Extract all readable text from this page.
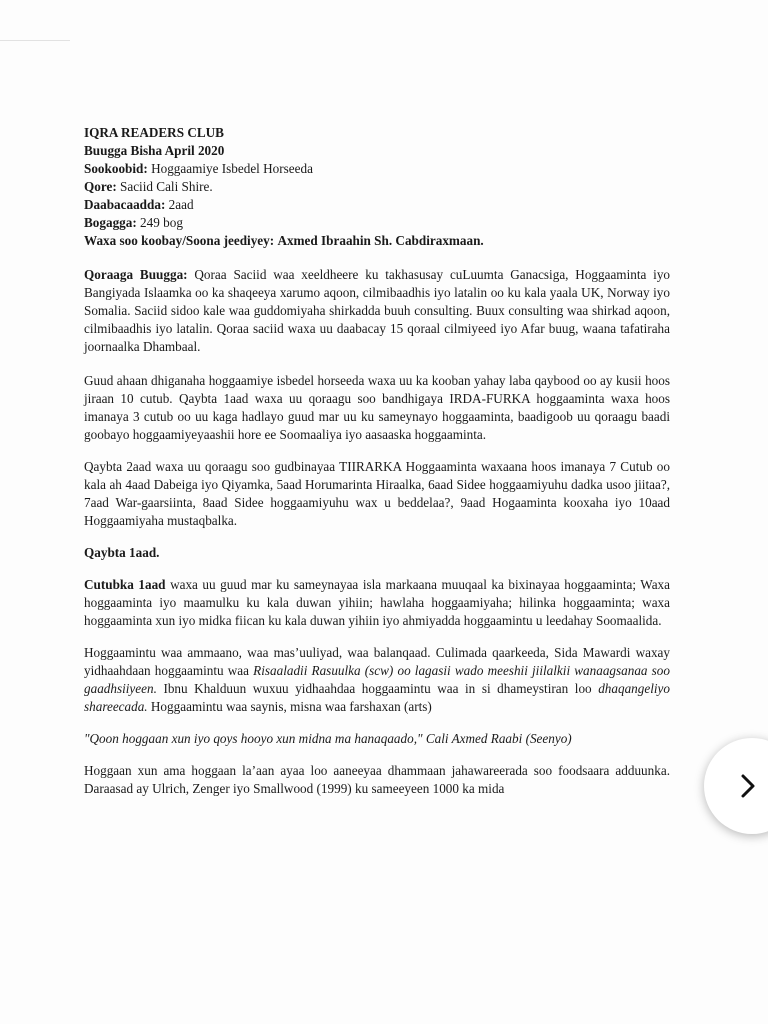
IQRA READERS CLUB

Buugga Bisha April 2020

Sookoobid: Hoggaamiye Isbedel Horseeda

Qore: Saciid Cali Shire.

Daabacaadda: 2aad

Bogagga: 249 bog

Waxa soo koobay/Soona jeediyey: Axmed Ibraahin Sh. Cabdiraxmaan.

Qoraaga Buugga: Qoraa Saciid waa xeeldheere ku takhasusay cuLuumta Ganacsiga, Hoggaaminta iyo Bangiyada Islaamka oo ka shaqeeya xarumo aqoon, cilmibaadhis iyo latalin oo ku kala yaala UK, Norway iyo Somalia. Saciid sidoo kale waa guddomiyaha shirkadda buuh consulting. Buux consulting waa shirkad aqoon, cilmibaadhis iyo latalin. Qoraa saciid waxa uu daabacay 15 qoraal cilmiyeed iyo Afar buug, waana tafatiraha joornaalka Dhambaal.

Guud ahaan dhiganaha hoggaamiye isbedel horseeda waxa uu ka kooban yahay laba qaybood oo ay kusii hoos jiraan 10 cutub. Qaybta 1aad waxa uu qoraagu soo bandhigaya IRDA-FURKA hoggaaminta waxa hoos imanaya 3 cutub oo uu kaga hadlayo guud mar uu ku sameynayo hoggaaminta, baadigoob uu qoraagu baadi goobayo hoggaamiyeyaashii hore ee Soomaaliya iyo aasaaska hoggaaminta.

Qaybta 2aad waxa uu qoraagu soo gudbinayaa TIIRARKA Hoggaaminta waxaana hoos imanaya 7 Cutub oo kala ah 4aad Dabeiga iyo Qiyamka, 5aad Horumarinta Hiraalka, 6aad Sidee hoggaamiyuhu dadka usoo jiitaa?, 7aad War-gaarsiinta, 8aad Sidee hoggaamiyuhu wax u beddelaa?, 9aad Hogaaminta kooxaha iyo 10aad Hoggaamiyaha mustaqbalka.

Qaybta 1aad.

Cutubka 1aad waxa uu guud mar ku sameynayaa isla markaana muuqaal ka bixinayaa hoggaaminta; Waxa hoggaaminta iyo maamulku ku kala duwan yihiin; hawlaha hoggaamiyaha; hilinka hoggaaminta; waxa hoggaaminta xun iyo midka fiican ku kala duwan yihiin iyo ahmiyadda hoggaamintu u leedahay Soomaalida.

Hoggaamintu waa ammaano, waa mas’uuliyad, waa balanqaad. Culimada qaarkeeda, Sida Mawardi waxay yidhaahdaan hoggaamintu waa Risaaladii Rasuulka (scw) oo lagasii wado meeshii jiilalkii wanaagsanaa soo gaadhsiiyeen. Ibnu Khalduun wuxuu yidhaahdaa hoggaamintu waa in si dhameystiran loo dhaqangeliyo shareecada. Hoggaamintu waa saynis, misna waa farshaxan (arts)

"Qoon hoggaan xun iyo qoys hooyo xun midna ma hanaqaado," Cali Axmed Raabi (Seenyo)

Hoggaan xun ama hoggaan la’aan ayaa loo aaneeyaa dhammaan jahawareerada soo foodsaara adduunka. Daraasad ay Ulrich, Zenger iyo Smallwood (1999) ku sameeyeen 1000 ka mida
